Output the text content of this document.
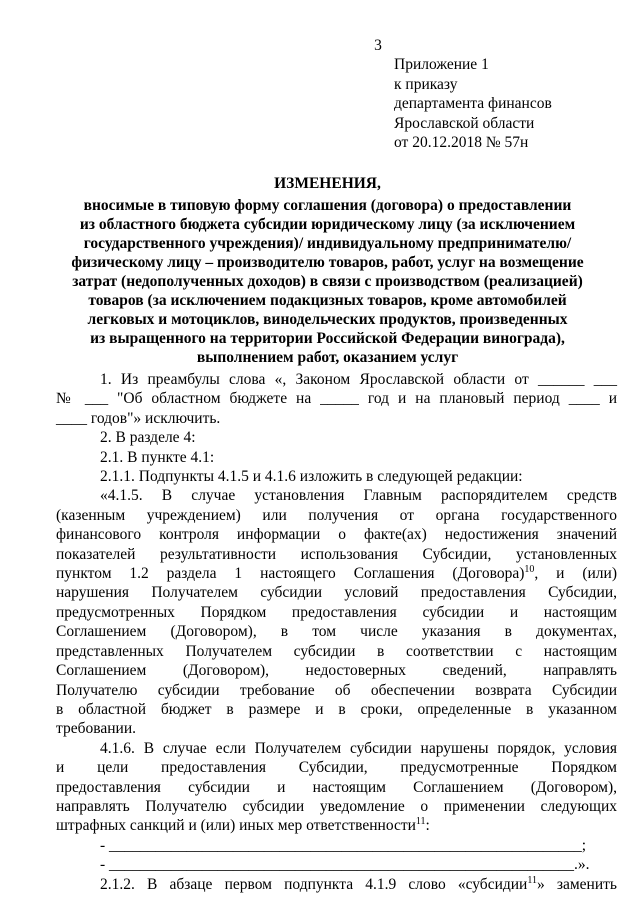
3
Приложение 1
к приказу
департамента финансов
Ярославской области
от 20.12.2018 № 57н
ИЗМЕНЕНИЯ,
вносимые в типовую форму соглашения (договора) о предоставлении
из областного бюджета субсидии юридическому лицу (за исключением
государственного учреждения)/ индивидуальному предпринимателю/
физическому лицу – производителю товаров, работ, услуг на возмещение
затрат (недополученных доходов) в связи с производством (реализацией)
товаров (за исключением подакцизных товаров, кроме автомобилей
легковых и мотоциклов, винодельческих продуктов, произведенных
из выращенного на территории Российской Федерации винограда),
выполнением работ, оказанием услуг
1. Из преамбулы слова «, Законом Ярославской области от ______ ___
№ ___ "Об областном бюджете на _____ год и на плановый период ____ и
____ годов"» исключить.
2. В разделе 4:
2.1. В пункте 4.1:
2.1.1. Подпункты 4.1.5 и 4.1.6 изложить в следующей редакции:
«4.1.5. В случае установления Главным распорядителем средств
(казенным учреждением) или получения от органа государственного
финансового контроля информации о факте(ах) недостижения значений
показателей результативности использования Субсидии, установленных
пунктом 1.2 раздела 1 настоящего Соглашения (Договора)$^{10}$, и (или)
нарушения Получателем субсидии условий предоставления Субсидии,
предусмотренных Порядком предоставления субсидии и настоящим
Соглашением (Договором), в том числе указания в документах,
представленных Получателем субсидии в соответствии с настоящим
Соглашением (Договором), недостоверных сведений, направлять
Получателю субсидии требование об обеспечении возврата Субсидии
в областной бюджет в размере и в сроки, определенные в указанном
требовании.
4.1.6. В случае если Получателем субсидии нарушены порядок, условия
и цели предоставления Субсидии, предусмотренные Порядком
предоставления субсидии и настоящим Соглашением (Договором),
направлять Получателю субсидии уведомление о применении следующих
штрафных санкций и (или) иных мер ответственности$^{11}$:
- _____________________________________________________________;
- ____________________________________________________________.».
2.1.2. В абзаце первом подпункта 4.1.9 слово «субсидии$^{11}$» заменить
